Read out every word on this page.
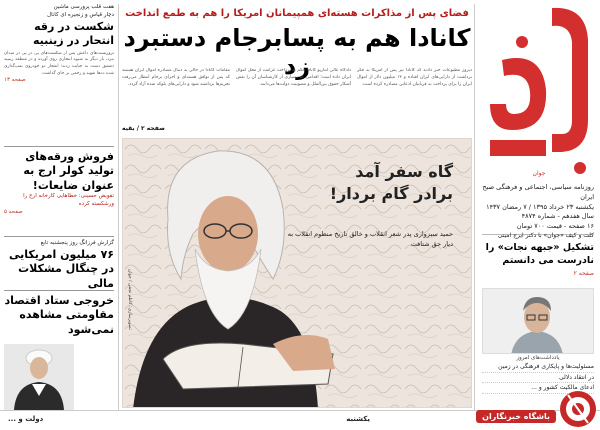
هفت قلب پرورسی ماشین
دچار قیاس و زنجیره ای کانال
شکست در رقه انتحار در زینبیه
تروریست‌های داعش پس از شکست‌های پی در پی در میدان نبرد، بار دیگر به شیوه انتحاری روی آورده و در منطقه زینبیه دمشق دست به جنایت زدند؛ انفجار دو خودروی بمب‌گذاری شده ده‌ها شهید و زخمی بر جای گذاشت.
صفحه ۱۳
فروش ورقه‌های تولید کولر ارج به عنوان ضایعات!
تفویض حسینی: خطاهایی کارخانه ارج را ورشکسته کرده
صفحه ۵
گزارش فرزانگ روز پنجشنبه تابع
۷۶ میلیون امریکایی در چنگال مشکلات مالی
خروجی ستاد اقتصاد مقاومتی مشاهده نمی‌شود
فضای پس از مذاکرات هسته‌ای همپیمانان امریکا را هم به طمع انداخت
کانادا هم به پسابرجام دستبرد زد
مقامات کانادا در حالی به دنبال مصادره اموال ایران هستند که پس از توافق هسته‌ای و اجرای برجام انتظار می‌رفت تحریم‌ها برداشته شود و دارایی‌های بلوکه شده آزاد گردد.
دادگاه عالی انتاریو کانادا حکم به پرداخت غرامت از محل اموال ایران داده است؛ اقدامی که بسیاری از کارشناسان آن را نقض آشکار حقوق بین‌الملل و مصونیت دولت‌ها می‌دانند.
دیروز مطبوعات خبر دادند که کانادا نیز پس از امریکا به فکر برداشت از دارایی‌های ایران افتاده و ۱۳ میلیون دلار از اموال ایران را برای پرداخت به قربانیان ادعایی مصادره کرده است.
صفحه ۲ / بقیه
گاه سفر آمد برادر گام بردار!
حمید سبزواری پدر شعر انقلاب و خالق تاریخ منظوم انقلاب به دیار حق شتافت
تصویرسازی: کاظم نجفی / جوان
جوان
روزنامه سیاسی، اجتماعی و فرهنگی صبح ایران
یکشنبه ۲۳ خرداد ۱۳۹۵ / ۷ رمضان ۱۴۳۷
سال هفدهم - شماره ۴۸۷۴
۱۶ صفحه - قیمت ۷۰۰ تومان
کلت و کیف «جوان» با دکتر ایرج امینی
تشکیل «جبهه نجات» را نادرست می دانستم
صفحه ۲
یادداشت‌های امروز
مسئولیت‌ها و پایکاری فرهنگی در زمین
در انتقاد دلالی
ادعای مالکیت کشور و ...
یکشنبه
دولت و ...	باشگاه خبرنگاران
